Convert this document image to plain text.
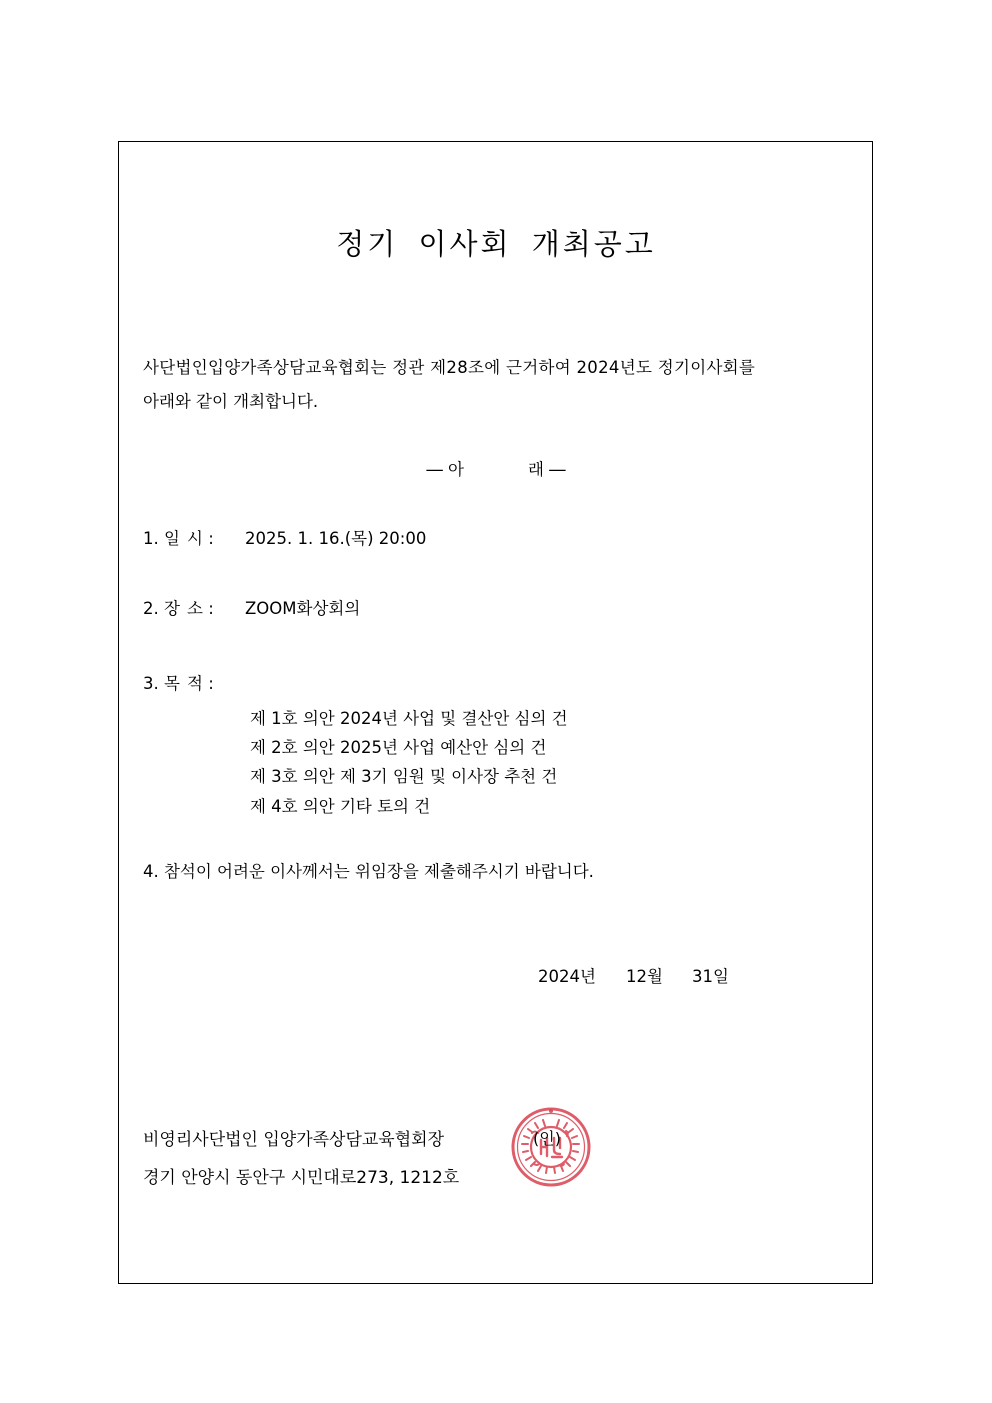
정기 이사회 개최공고
사단법인입양가족상담교육협회는 정관 제28조에 근거하여 2024년도 정기이사회를
아래와 같이 개최합니다.
― 아	래 ―
1. 일 시 : 2025. 1. 16.(목) 20:00
2. 장 소 : ZOOM화상회의
3. 목 적 :
제 1호 의안 2024년 사업 및 결산안 심의 건
제 2호 의안 2025년 사업 예산안 심의 건
제 3호 의안 제 3기 임원 및 이사장 추천 건
제 4호 의안 기타 토의 건
4. 참석이 어려운 이사께서는 위임장을 제출해주시기 바랍니다.
2024년 12월 31일
비영리사단법인 입양가족상담교육협회장
경기 안양시 동안구 시민대로273, 1212호
(인)
